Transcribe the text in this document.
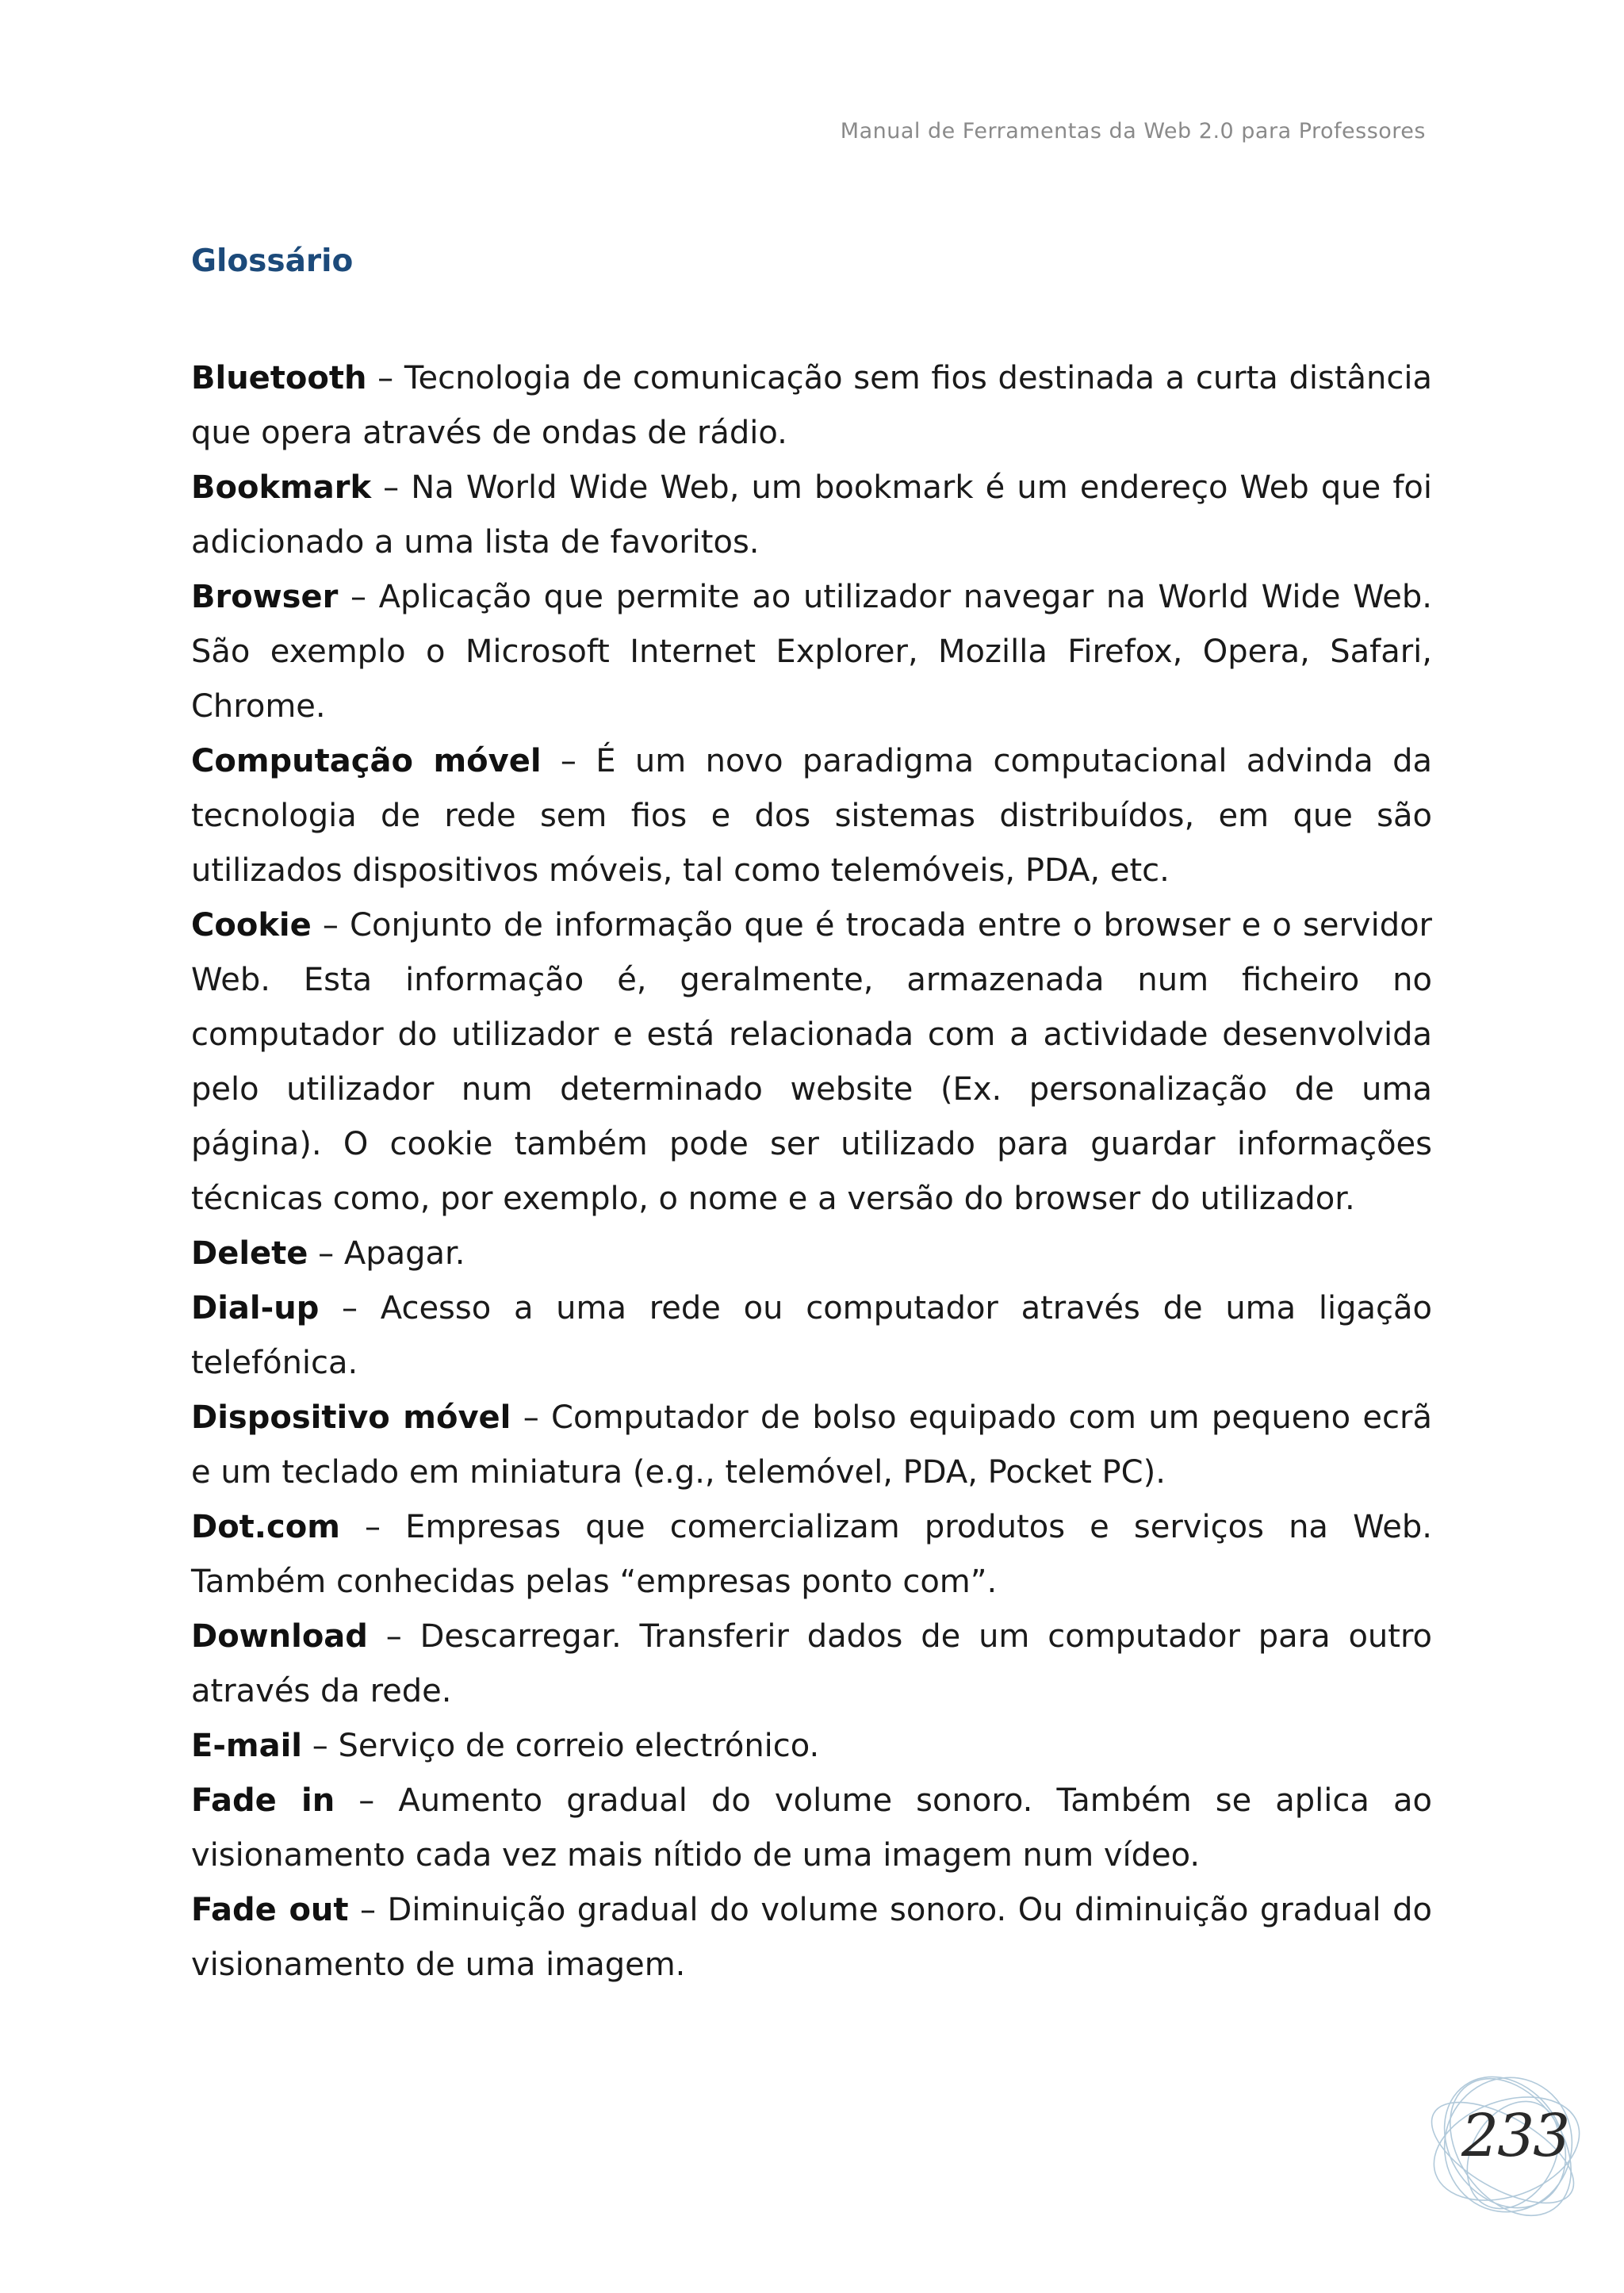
Manual de Ferramentas da Web 2.0 para Professores
Glossário
Bluetooth – Tecnologia de comunicação sem fios destinada a curta distância que opera através de ondas de rádio.
Bookmark – Na World Wide Web, um bookmark é um endereço Web que foi adicionado a uma lista de favoritos.
Browser – Aplicação que permite ao utilizador navegar na World Wide Web. São exemplo o Microsoft Internet Explorer, Mozilla Firefox, Opera, Safari, Chrome.
Computação móvel – É um novo paradigma computacional advinda da tecnologia de rede sem fios e dos sistemas distribuídos, em que são utilizados dispositivos móveis, tal como telemóveis, PDA, etc.
Cookie – Conjunto de informação que é trocada entre o browser e o servidor Web. Esta informação é, geralmente, armazenada num ficheiro no computador do utilizador e está relacionada com a actividade desenvolvida pelo utilizador num determinado website (Ex. personalização de uma página). O cookie também pode ser utilizado para guardar informações técnicas como, por exemplo, o nome e a versão do browser do utilizador.
Delete – Apagar.
Dial-up – Acesso a uma rede ou computador através de uma ligação telefónica.
Dispositivo móvel – Computador de bolso equipado com um pequeno ecrã e um teclado em miniatura (e.g., telemóvel, PDA, Pocket PC).
Dot.com – Empresas que comercializam produtos e serviços na Web. Também conhecidas pelas “empresas ponto com”.
Download – Descarregar. Transferir dados de um computador para outro através da rede.
E-mail – Serviço de correio electrónico.
Fade in – Aumento gradual do volume sonoro. Também se aplica ao visionamento cada vez mais nítido de uma imagem num vídeo.
Fade out – Diminuição gradual do volume sonoro. Ou diminuição gradual do visionamento de uma imagem.
233
